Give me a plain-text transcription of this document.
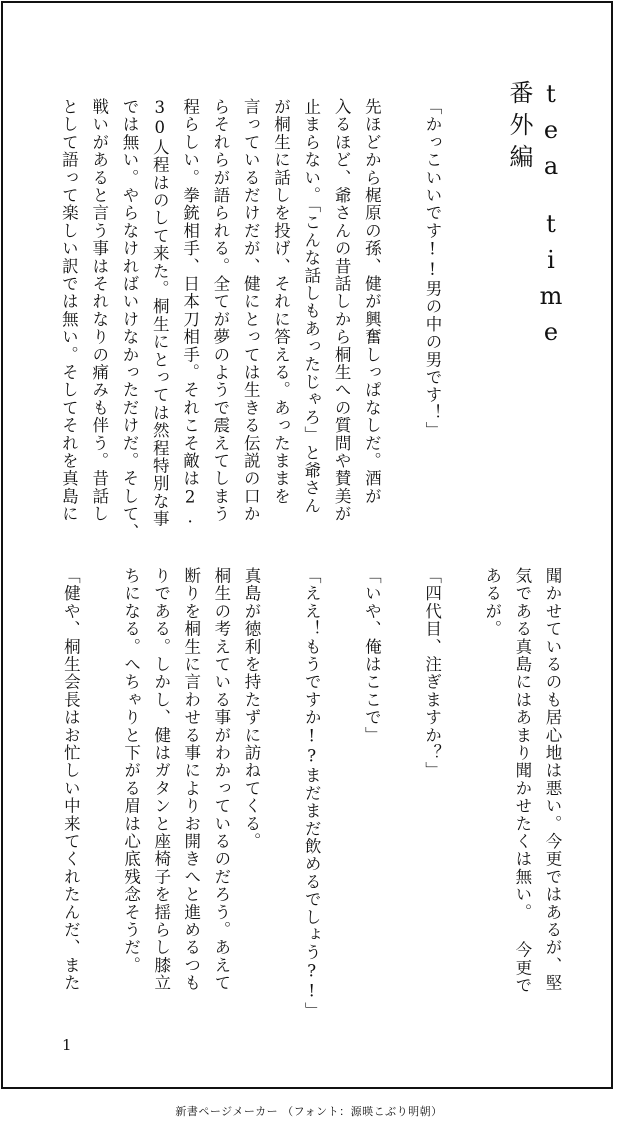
teatime番外編
「かっこいいです!!男の中の男です！」
先ほどから梶原の孫、健が興奮しっぱなしだ。酒が
入るほど、爺さんの昔話しから桐生への質問や賛美が
止まらない。「こんな話しもあったじゃろ」と爺さん
が桐生に話しを投げ、それに答える。あったままを
言っているだけだが、健にとっては生きる伝説の口か
らそれらが語られる。全てが夢のようで震えてしまう
程らしい。拳銃相手、日本刀相手。それこそ敵は2.
30人程はのして来た。桐生にとっては然程特別な事
では無い。やらなければいけなかっただけだ。そして、
戦いがあると言う事はそれなりの痛みも伴う。昔話し
として語って楽しい訳では無い。そしてそれを真島に
聞かせているのも居心地は悪い。今更ではあるが、堅
気である真島にはあまり聞かせたくは無い。 今更で
あるが。
「四代目、注ぎますか？」
「いや、俺はここで」
「ええ！もうですか!?まだまだ飲めるでしょう?!」
真島が徳利を持たずに訪ねてくる。
桐生の考えている事がわかっているのだろう。あえて
断りを桐生に言わせる事によりお開きへと進めるつも
りである。しかし、健はガタンと座椅子を揺らし膝立
ちになる。へちゃりと下がる眉は心底残念そうだ。
「健や、桐生会長はお忙しい中来てくれたんだ、また
1
新書ページメーカー （フォント：源暎こぶり明朝）
